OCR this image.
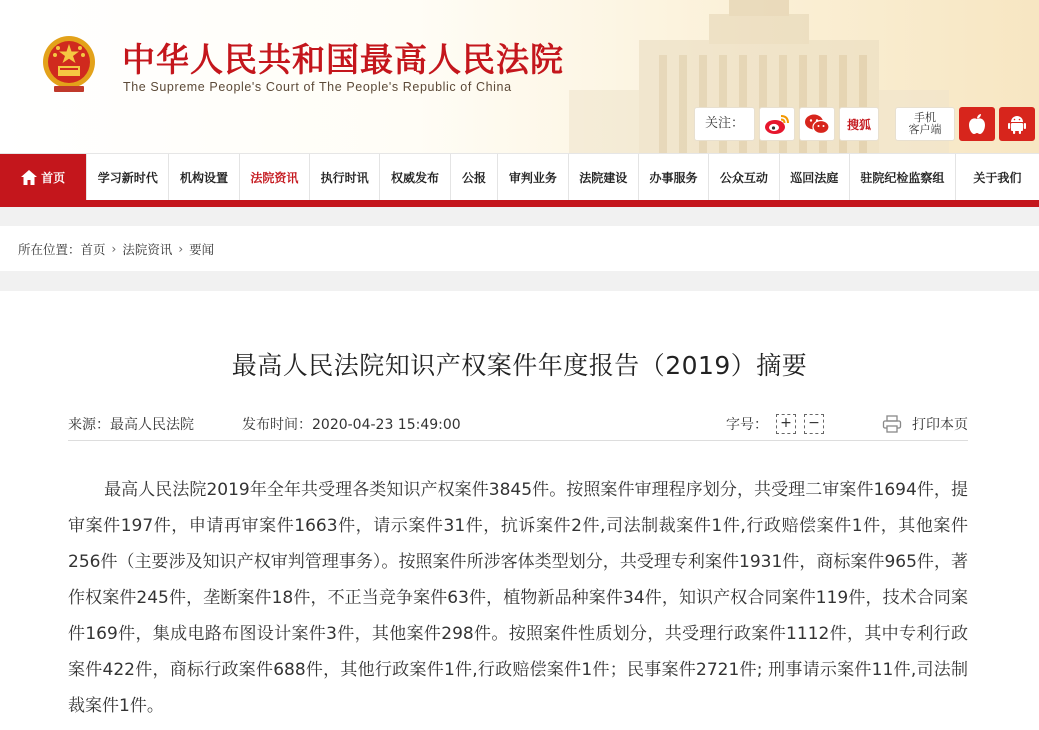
中华人民共和国最高人民法院
The Supreme People's Court of The People's Republic of China
关注：	搜狐	手机
客户端
首页	学习新时代	机构设置	法院资讯	执行时讯	权威发布	公报	审判业务	法院建设	办事服务	公众互动	巡回法庭	驻院纪检监察组	关于我们
所在位置： 首页 › 法院资讯 › 要闻
最高人民法院知识产权案件年度报告（2019）摘要
来源：最高人民法院	发布时间：2020-04-23 15:49:00	字号： + −	打印本页

最高人民法院2019年全年共受理各类知识产权案件3845件。按照案件审理程序划分，共受理二审案件1694件，提审案件197件，申请再审案件1663件，请示案件31件，抗诉案件2件,司法制裁案件1件,行政赔偿案件1件，其他案件256件（主要涉及知识产权审判管理事务）。按照案件所涉客体类型划分，共受理专利案件1931件，商标案件965件，著作权案件245件，垄断案件18件，不正当竞争案件63件，植物新品种案件34件，知识产权合同案件119件，技术合同案件169件，集成电路布图设计案件3件，其他案件298件。按照案件性质划分，共受理行政案件1112件，其中专利行政案件422件，商标行政案件688件，其他行政案件1件,行政赔偿案件1件；民事案件2721件; 刑事请示案件11件,司法制裁案件1件。
